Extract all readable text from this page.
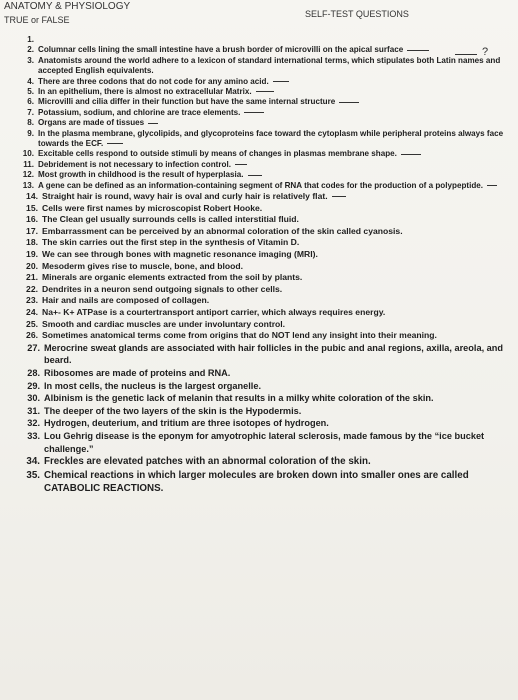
ANATOMY & PHYSIOLOGY
TRUE or FALSE
SELF-TEST QUESTIONS
?
1.
2. Columnar cells lining the small intestine have a brush border of microvilli on the apical surface
3. Anatomists around the world adhere to a lexicon of standard international terms, which stipulates both Latin names and accepted English equivalents.
4. There are three codons that do not code for any amino acid.
5. In an epithelium, there is almost no extracellular Matrix.
6. Microvilli and cilia differ in their function but have the same internal structure
7. Potassium, sodium, and chlorine are trace elements.
8. Organs are made of tissues
9. In the plasma membrane, glycolipids, and glycoproteins face toward the cytoplasm while peripheral proteins always face towards the ECF.
10. Excitable cells respond to outside stimuli by means of changes in plasmas membrane shape.
11. Debridement is not necessary to infection control.
12. Most growth in childhood is the result of hyperplasia.
13. A gene can be defined as an information-containing segment of RNA that codes for the production of a polypeptide.
14. Straight hair is round, wavy hair is oval and curly hair is relatively flat.
15. Cells were first names by microscopist Robert Hooke.
16. The Clean gel usually surrounds cells is called interstitial fluid.
17. Embarrassment can be perceived by an abnormal coloration of the skin called cyanosis.
18. The skin carries out the first step in the synthesis of Vitamin D.
19. We can see through bones with magnetic resonance imaging (MRI).
20. Mesoderm gives rise to muscle, bone, and blood.
21. Minerals are organic elements extracted from the soil by plants.
22. Dendrites in a neuron send outgoing signals to other cells.
23. Hair and nails are composed of collagen.
24. Na+- K+ ATPase is a courtertransport antiport carrier, which always requires energy.
25. Smooth and cardiac muscles are under involuntary control.
26. Sometimes anatomical terms come from origins that do NOT lend any insight into their meaning.
27. Merocrine sweat glands are associated with hair follicles in the pubic and anal regions, axilla, areola, and beard.
28. Ribosomes are made of proteins and RNA.
29. In most cells, the nucleus is the largest organelle.
30. Albinism is the genetic lack of melanin that results in a milky white coloration of the skin.
31. The deeper of the two layers of the skin is the Hypodermis.
32. Hydrogen, deuterium, and tritium are three isotopes of hydrogen.
33. Lou Gehrig disease is the eponym for amyotrophic lateral sclerosis, made famous by the “ice bucket challenge.”
34. Freckles are elevated patches with an abnormal coloration of the skin.
35. Chemical reactions in which larger molecules are broken down into smaller ones are called CATABOLIC REACTIONS.
